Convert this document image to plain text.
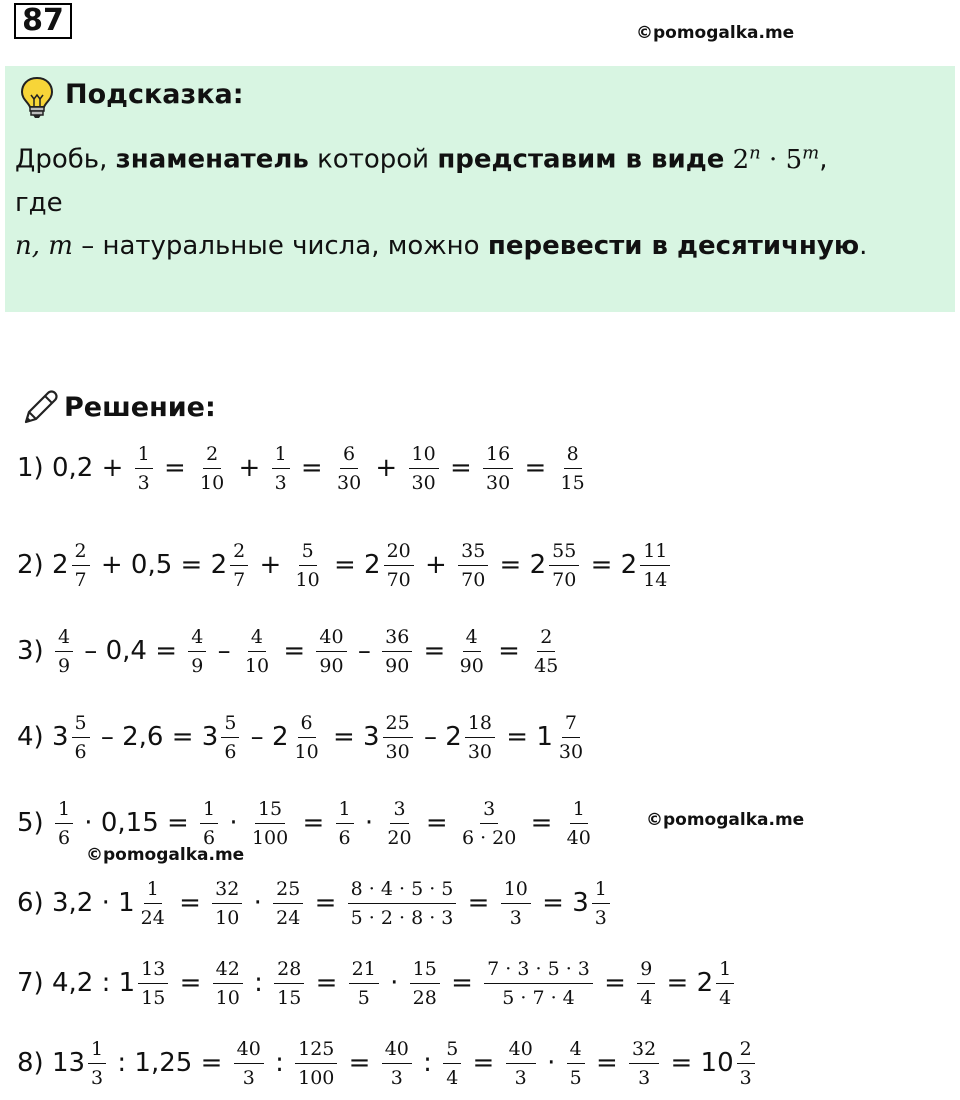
87	©pomogalka.me
Подсказка:
Дробь, знаменатель которой представим в виде $2^n \cdot 5^m$,
где
n, m – натуральные числа, можно перевести в десятичную.
Решение:
1) $0,2 + \frac{1}{3} = \frac{2}{10} + \frac{1}{3} = \frac{6}{30} + \frac{10}{30} = \frac{16}{30} = \frac{8}{15}$
2) $2 \frac{2}{7} + 0,5 = 2 \frac{2}{7} + \frac{5}{10} = 2 \frac{20}{70} + \frac{35}{70} = 2 \frac{55}{70} = 2 \frac{11}{14}$
$3) \frac{4}{9} - 0,4 = \frac{4}{9} - \frac{4}{10} = \frac{40}{90} - \frac{36}{90} = \frac{4}{90} = \frac{2}{45}$
4) $3 \frac{5}{6} - 2,6 = 3 \frac{5}{6} - 2 \frac{6}{10} = 3 \frac{25}{30} - 2 \frac{18}{30} = 1 \frac{7}{30}$
$5) \frac{1}{6} \cdot 0,15 = \frac{1}{6} \cdot \frac{15}{100} = \frac{1}{6} \cdot \frac{3}{20} = \frac{3}{6 \cdot 20} = \frac{1}{40}$
6) $3,2 \cdot 1 \frac{1}{24} = \frac{32}{10} \cdot \frac{25}{24} = \frac{8 \cdot 4 \cdot 5 \cdot 5}{5 \cdot 2 \cdot 8 \cdot 3} = \frac{10}{3} = 3 \frac{1}{3}$
7) 4,2 : $1 \frac{13}{15} = \frac{42}{10}$ : $\frac{28}{15} = \frac{21}{5} \cdot \frac{15}{28} = \frac{7 \cdot 3 \cdot 5 \cdot 3}{5 \cdot 7 \cdot 4} = \frac{9}{4} = 2 \frac{1}{4}$
8) $13 \frac{1}{3}$ : $1,25 = \frac{40}{3}$ : $\frac{125}{100} = \frac{40}{3}$ : $\frac{5}{4} = \frac{40}{3} \cdot \frac{4}{5} = \frac{32}{3} = 10 \frac{2}{3}$
©pomogalka.me
©pomogalka.me
